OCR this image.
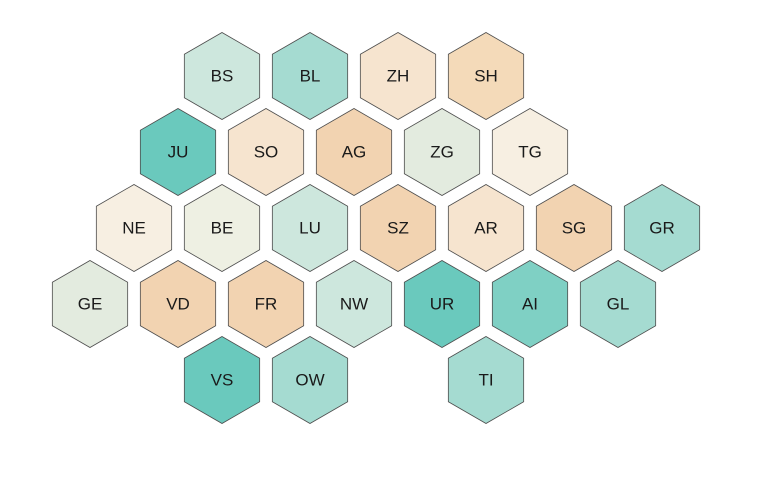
BS	BL	ZH	SH
JU	SO	AG	ZG	TG
NE	BE	LU	SZ	AR	SG	GR
GE	VD	FR	NW	UR	AI	GL
VS	OW	TI
